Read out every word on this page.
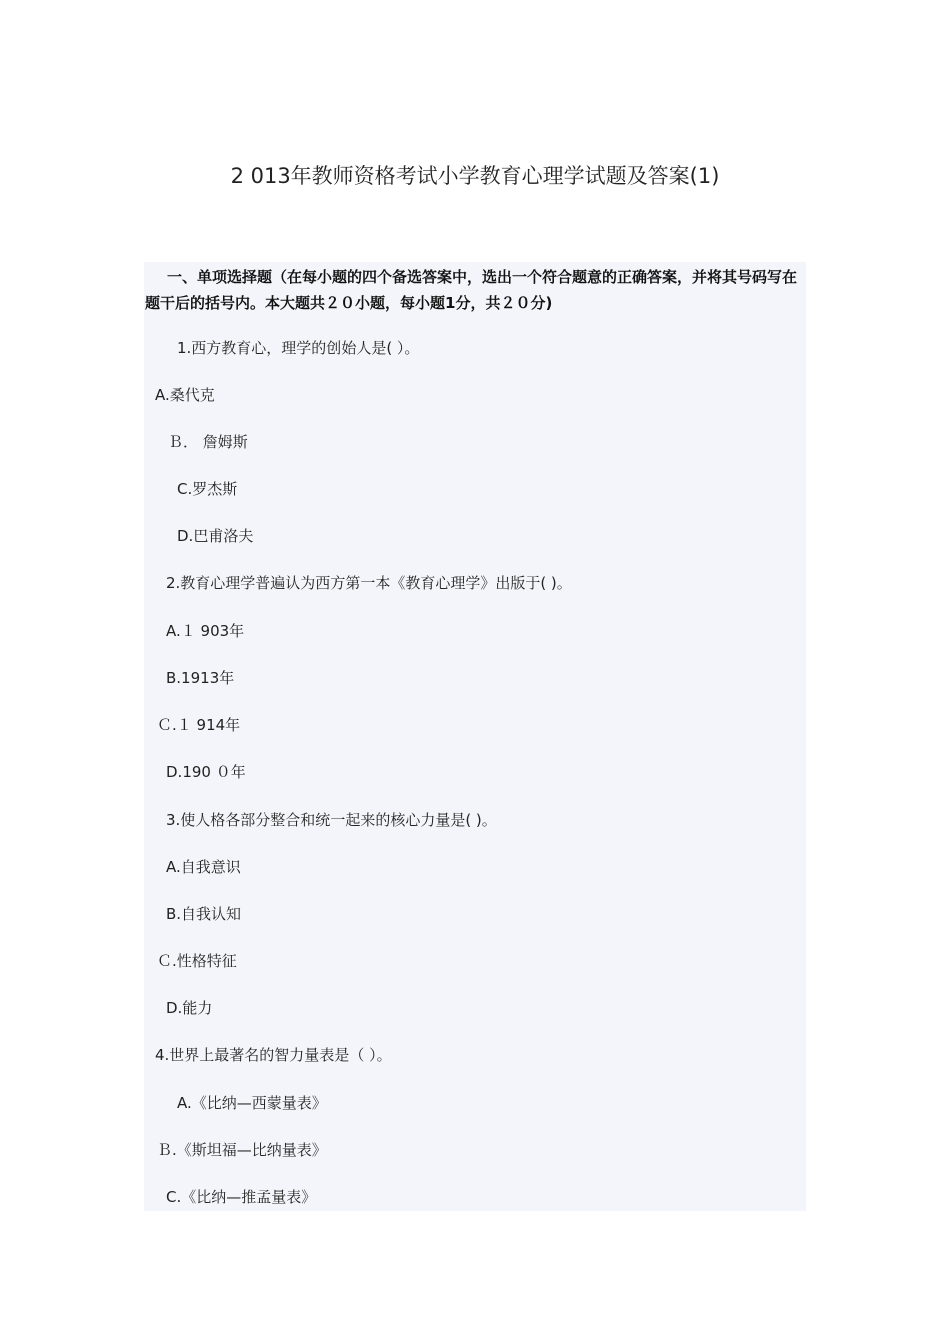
2 013年教师资格考试小学教育心理学试题及答案(1)

一、单项选择题（在每小题的四个备选答案中，选出一个符合题意的正确答案，并将其号码写在题干后的括号内。本大题共２０小题，每小题1分，共２０分)

1.西方教育心，理学的创始人是( ）。
A.桑代克
Ｂ． 詹姆斯
C.罗杰斯
D.巴甫洛夫
2.教育心理学普遍认为西方第一本《教育心理学》出版于( )。
A.１ 903年
B.1913年
Ｃ.１ 914年
D.190 ０年
3.使人格各部分整合和统一起来的核心力量是( )。
A.自我意识
B.自我认知
Ｃ.性格特征
D.能力
4.世界上最著名的智力量表是（ ）。
A.《比纳—西蒙量表》
Ｂ.《斯坦福—比纳量表》
C.《比纳—推孟量表》
